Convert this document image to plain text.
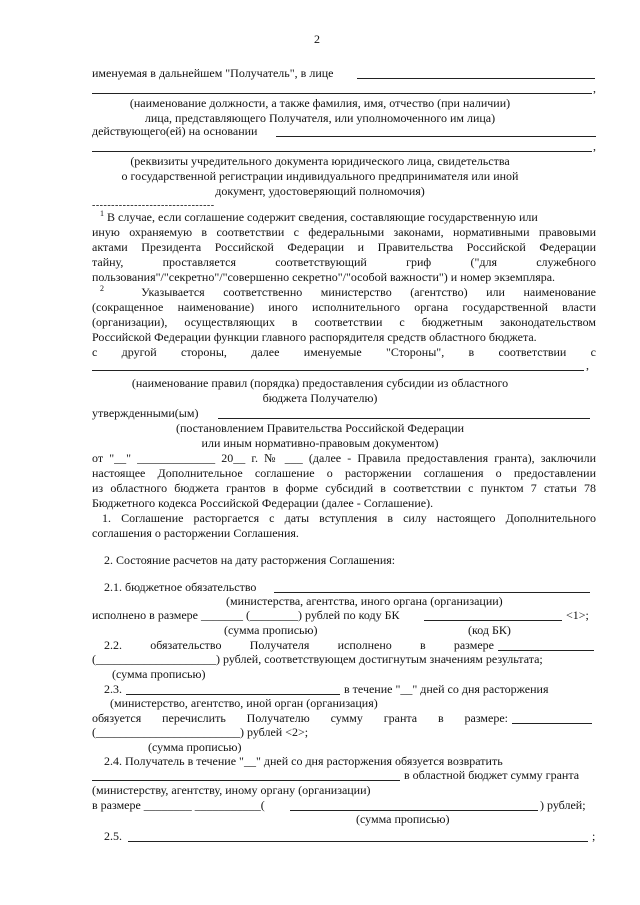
2
именуемая в дальнейшем "Получатель", в лице
,
(наименование должности, а также фамилия, имя, отчество (при наличии)
лица, представляющего Получателя, или уполномоченного им лица)
действующего(ей) на основании
,
(реквизиты учредительного документа юридического лица, свидетельства
о государственной регистрации индивидуального предпринимателя или иной
документ, удостоверяющий полномочия)
--------------------------------
$^1$ В случае, если соглашение содержит сведения, составляющие государственную или
иную охраняемую в соответствии с федеральными законами, нормативными правовыми
актами Президента Российской Федерации и Правительства Российской Федерации
тайну, проставляется соответствующий гриф ("для служебного
пользования"/"секретно"/"совершенно секретно"/"особой важности") и номер экземпляра.
$^2$	Указывается соответственно министерство (агентство) или наименование
(сокращенное наименование) иного исполнительного органа государственной власти
(организации), осуществляющих в соответствии с бюджетным законодательством
Российской Федерации функции главного распорядителя средств областного бюджета.
с другой стороны, далее именуемые "Стороны", в соответствии с
,
(наименование правил (порядка) предоставления субсидии из областного
бюджета Получателю)
утвержденными(ым)
(постановлением Правительства Российской Федерации
или иным нормативно-правовым документом)
от "__" _____________ 20__ г. № ___ (далее - Правила предоставления гранта), заключили
настоящее Дополнительное соглашение о расторжении соглашения о предоставлении
из областного бюджета грантов в форме субсидий в соответствии с пунктом 7 статьи 78
Бюджетного кодекса Российской Федерации (далее - Соглашение).
1. Соглашение расторгается с даты вступления в силу настоящего Дополнительного
соглашения о расторжении Соглашения.
2. Состояние расчетов на дату расторжения Соглашения:
2.1. бюджетное обязательство
(министерства, агентства, иного органа (организации)
исполнено в размере _______ (________) рублей по коду БК	<1>;
(сумма прописью)	(код БК)
2.2. обязательство Получателя исполнено в размере
(____________________) рублей, соответствующем достигнутым значениям результата;
(сумма прописью)
2.3.	в течение "__" дней со дня расторжения
(министерство, агентство, иной орган (организация)
обязуется перечислить Получателю сумму гранта в размере:
(________________________) рублей <2>;
(сумма прописью)
2.4. Получатель в течение "__" дней со дня расторжения обязуется возвратить
в областной бюджет сумму гранта
(министерству, агентству, иному органу (организации)
в размере ________ ___________(	) рублей;
(сумма прописью)
2.5.	;
